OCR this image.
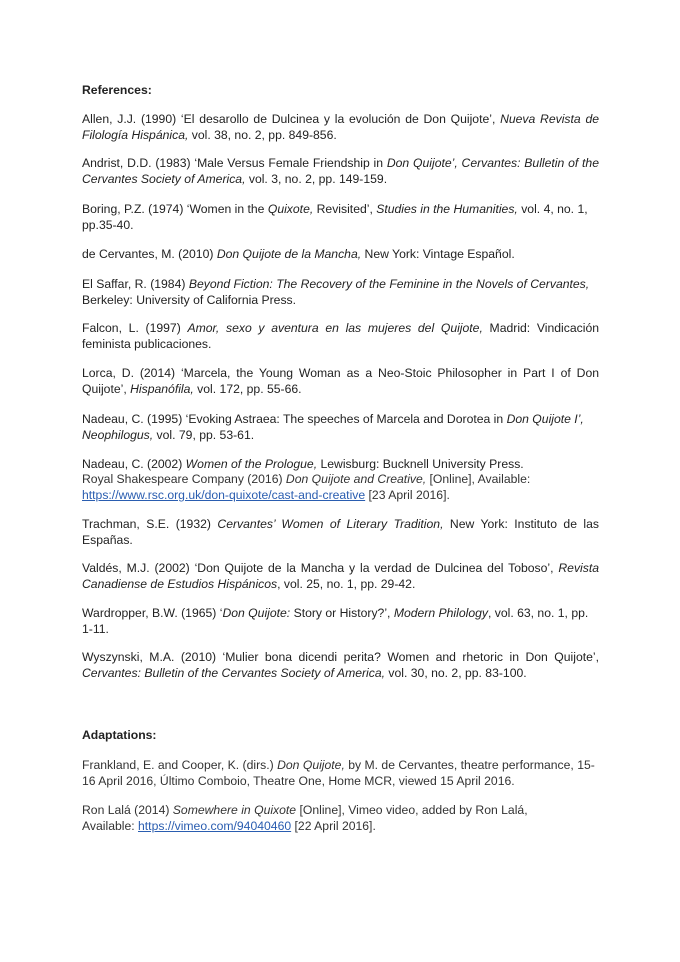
References:

Allen, J.J. (1990) ‘El desarollo de Dulcinea y la evolución de Don Quijote’, Nueva Revista de Filología Hispánica, vol. 38, no. 2, pp. 849-856.

Andrist, D.D. (1983) ‘Male Versus Female Friendship in Don Quijote’, Cervantes: Bulletin of the Cervantes Society of America, vol. 3, no. 2, pp. 149-159.

Boring, P.Z. (1974) ‘Women in the Quixote, Revisited’, Studies in the Humanities, vol. 4, no. 1, pp.35-40.

de Cervantes, M. (2010) Don Quijote de la Mancha, New York: Vintage Español.

El Saffar, R. (1984) Beyond Fiction: The Recovery of the Feminine in the Novels of Cervantes, Berkeley: University of California Press.

Falcon, L. (1997) Amor, sexo y aventura en las mujeres del Quijote, Madrid: Vindicación feminista publicaciones.

Lorca, D. (2014) ‘Marcela, the Young Woman as a Neo-Stoic Philosopher in Part I of Don Quijote’, Hispanófila, vol. 172, pp. 55-66.

Nadeau, C. (1995) ‘Evoking Astraea: The speeches of Marcela and Dorotea in Don Quijote I’, Neophilogus, vol. 79, pp. 53-61.

Nadeau, C. (2002) Women of the Prologue, Lewisburg: Bucknell University Press.

Royal Shakespeare Company (2016) Don Quijote and Creative, [Online], Available:
https://www.rsc.org.uk/don-quixote/cast-and-creative [23 April 2016].

Trachman, S.E. (1932) Cervantes’ Women of Literary Tradition, New York: Instituto de las Españas.

Valdés, M.J. (2002) ‘Don Quijote de la Mancha y la verdad de Dulcinea del Toboso’, Revista Canadiense de Estudios Hispánicos, vol. 25, no. 1, pp. 29-42.

Wardropper, B.W. (1965) ‘Don Quijote: Story or History?’, Modern Philology, vol. 63, no. 1, pp. 1-11.

Wyszynski, M.A. (2010) ‘Mulier bona dicendi perita? Women and rhetoric in Don Quijote’, Cervantes: Bulletin of the Cervantes Society of America, vol. 30, no. 2, pp. 83-100.

Adaptations:

Frankland, E. and Cooper, K. (dirs.) Don Quijote, by M. de Cervantes, theatre performance, 15-16 April 2016, Último Comboio, Theatre One, Home MCR, viewed 15 April 2016.

Ron Lalá (2014) Somewhere in Quixote [Online], Vimeo video, added by Ron Lalá, Available: https://vimeo.com/94040460 [22 April 2016].
